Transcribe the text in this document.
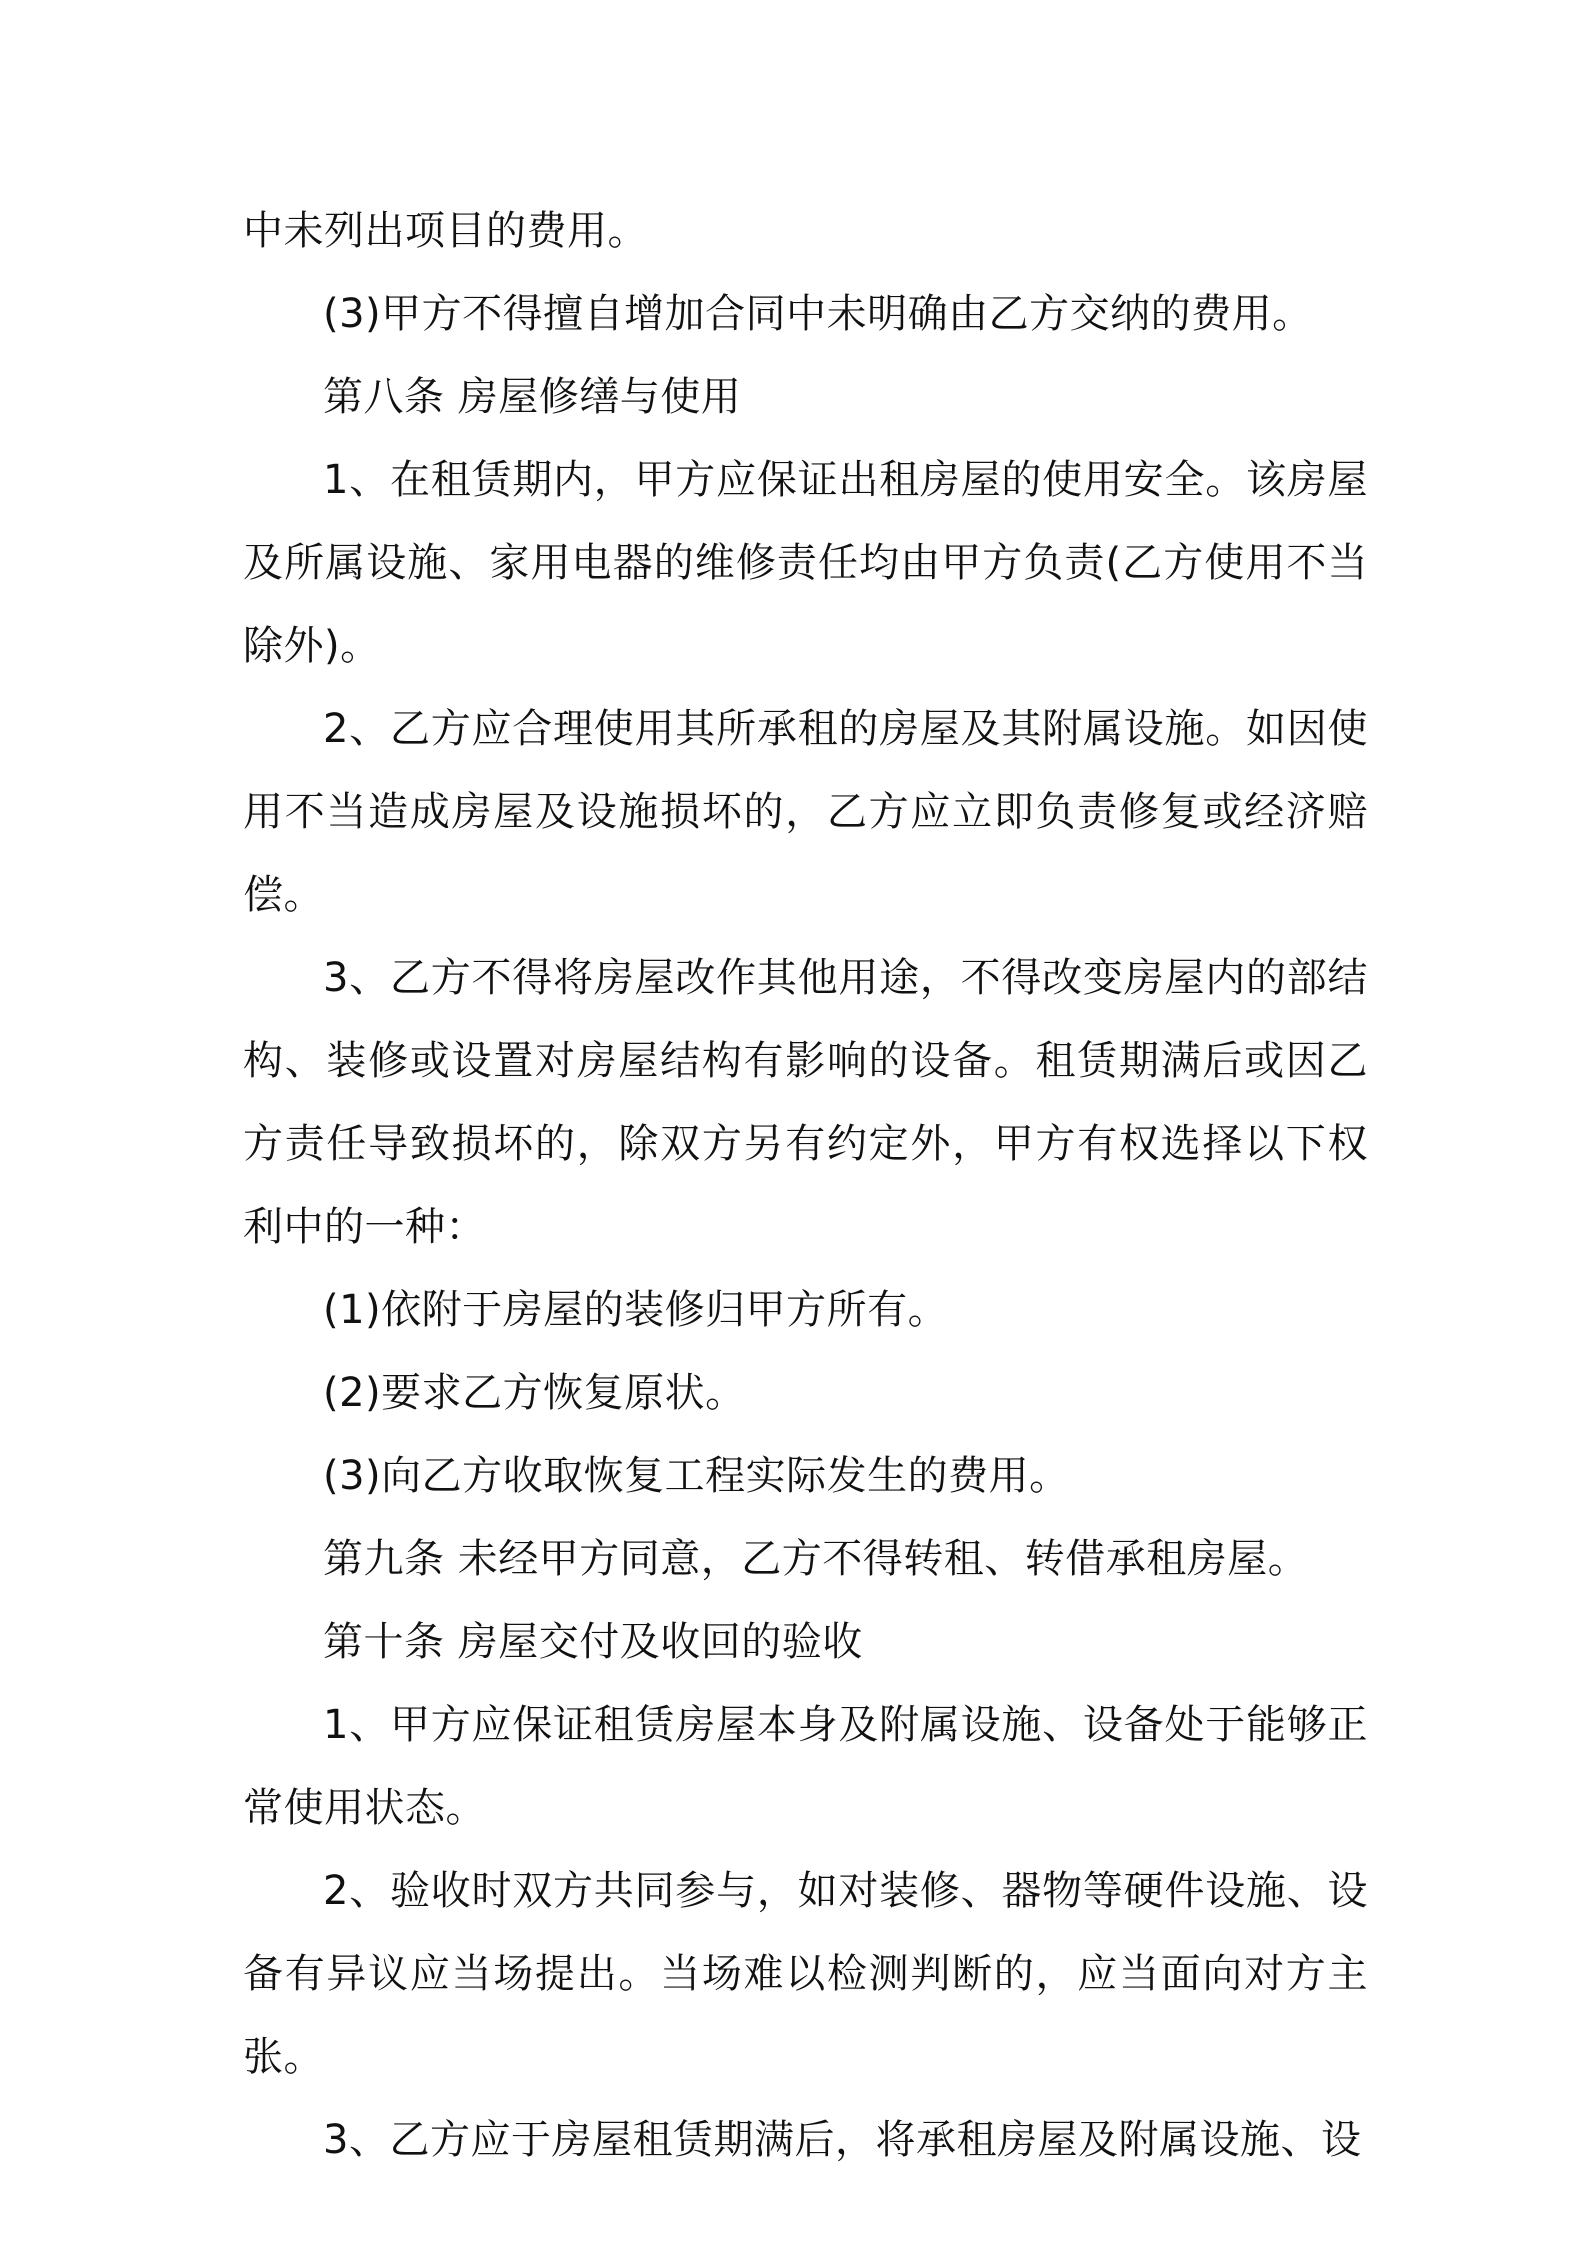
中未列出项目的费用。

(3)甲方不得擅自增加合同中未明确由乙方交纳的费用。

第八条 房屋修缮与使用

1、在租赁期内，甲方应保证出租房屋的使用安全。该房屋及所属设施、家用电器的维修责任均由甲方负责(乙方使用不当除外)。

2、乙方应合理使用其所承租的房屋及其附属设施。如因使用不当造成房屋及设施损坏的，乙方应立即负责修复或经济赔偿。

3、乙方不得将房屋改作其他用途，不得改变房屋内的部结构、装修或设置对房屋结构有影响的设备。租赁期满后或因乙方责任导致损坏的，除双方另有约定外，甲方有权选择以下权利中的一种：

(1)依附于房屋的装修归甲方所有。

(2)要求乙方恢复原状。

(3)向乙方收取恢复工程实际发生的费用。

第九条 未经甲方同意，乙方不得转租、转借承租房屋。

第十条 房屋交付及收回的验收

1、甲方应保证租赁房屋本身及附属设施、设备处于能够正常使用状态。

2、验收时双方共同参与，如对装修、器物等硬件设施、设备有异议应当场提出。当场难以检测判断的，应当面向对方主张。

3、乙方应于房屋租赁期满后，将承租房屋及附属设施、设
